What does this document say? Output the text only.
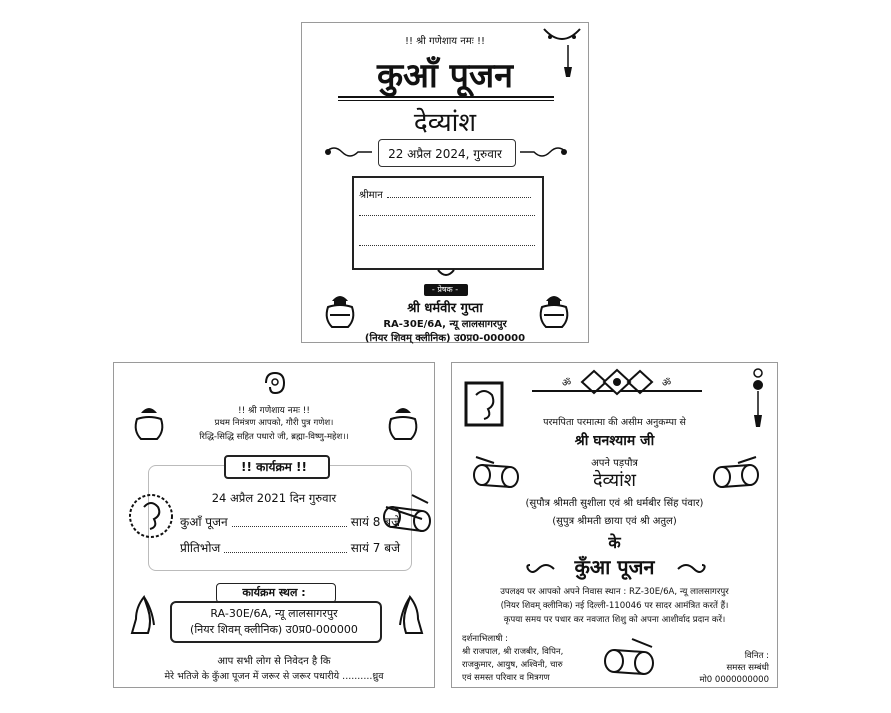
!! श्री गणेशाय नमः !!
कुआँ पूजन
देव्यांश
22 अप्रैल 2024, गुरुवार
श्रीमान
- प्रेषक -
श्री धर्मवीर गुप्ता
RA-30E/6A, न्यू लालसागरपुर
(नियर शिवम् क्लीनिक) उ0प्र0-000000
!! श्री गणेशाय नमः !!
प्रथम निमंत्रण आपको, गौरी पुत्र गणेश।
रिद्धि-सिद्धि सहित पधारो जी, ब्रह्मा-विष्णु-महेश।।
!! कार्यक्रम !!
24 अप्रैल 2021 दिन गुरुवार
कुआँ पूजन	सायं 8 बजे
प्रीतिभोज	सायं 7 बजे
कार्यक्रम स्थल :
RA-30E/6A, न्यू लालसागरपुर
(नियर शिवम् क्लीनिक) उ0प्र0-000000
आप सभी लोग से निवेदन है कि
मेरे भतिजे के कुँआ पूजन में जरूर से जरूर पधारीये ..........ध्रुव
ॐ	ॐ
परमपिता परमात्मा की असीम अनुकम्पा से
श्री घनश्याम जी
अपने पड़पौत्र
देव्यांश
(सुपौत्र श्रीमती सुशीला एवं श्री धर्मबीर सिंह पंवार)
(सुपुत्र श्रीमती छाया एवं श्री अतुल)
के
कुँआ पूजन
उपलक्ष्य पर आपको अपने निवास स्थान : RZ-30E/6A, न्यू लालसागरपुर
(नियर शिवम् क्लीनिक) नई दिल्ली-110046 पर सादर आमंत्रित करतें हैं।
कृपया समय पर पधार कर नवजात शिशु को अपना आशीर्वाद प्रदान करें।
दर्शनाभिलाषी :
श्री राजपाल, श्री राजबीर, विपिन,
राजकुमार, आयुष, अश्विनी, चारु
एवं समस्त परिवार व मित्रगण
विनित :
समस्त सम्बंधी
मो0 0000000000
